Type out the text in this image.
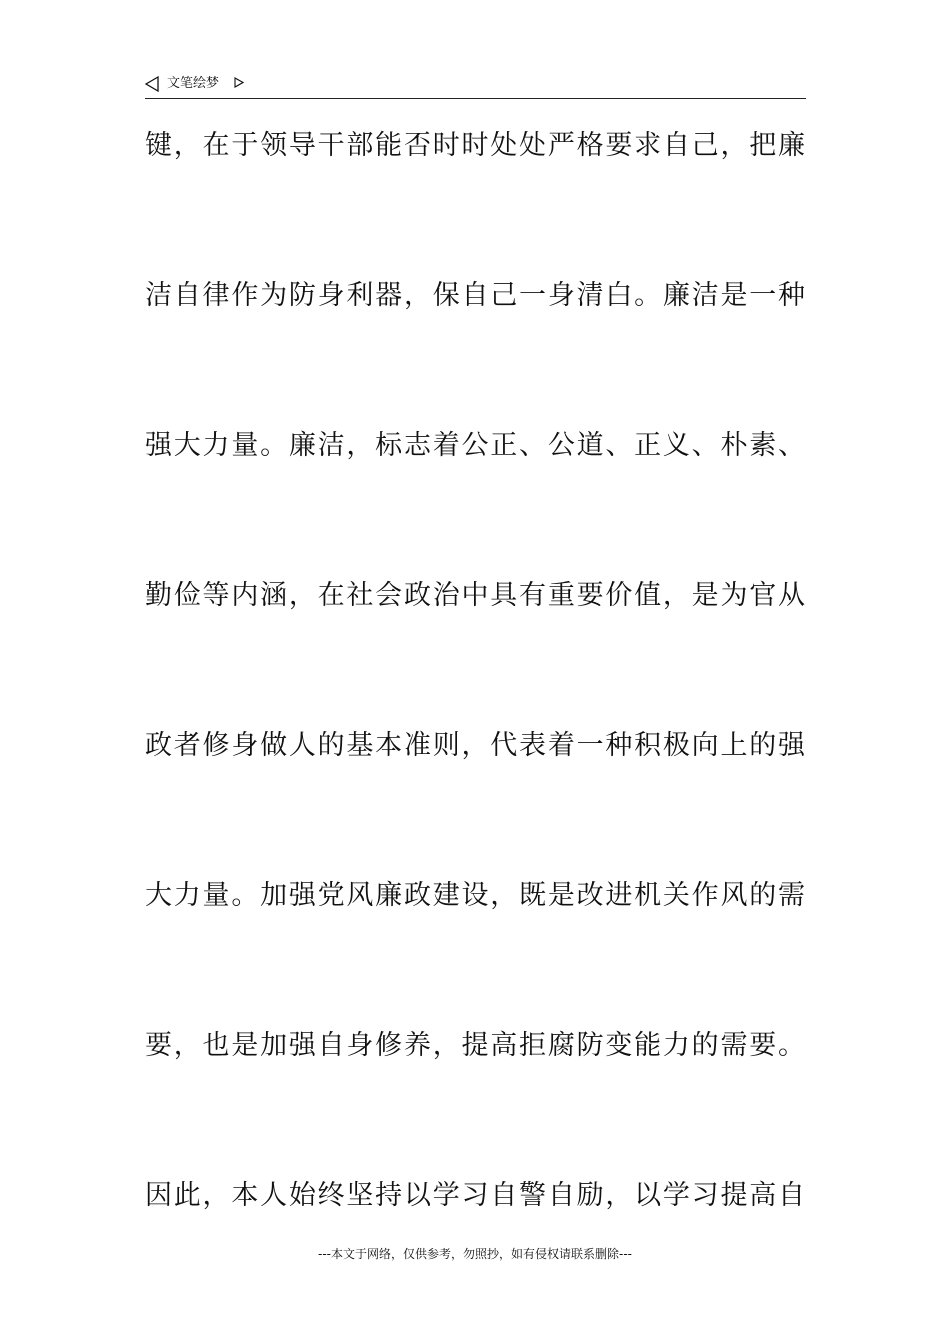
文笔绘梦
键，在于领导干部能否时时处处严格要求自己，把廉
洁自律作为防身利器，保自己一身清白。廉洁是一种
强大力量。廉洁，标志着公正、公道、正义、朴素、
勤俭等内涵，在社会政治中具有重要价值，是为官从
政者修身做人的基本准则，代表着一种积极向上的强
大力量。加强党风廉政建设，既是改进机关作风的需
要，也是加强自身修养，提高拒腐防变能力的需要。
因此，本人始终坚持以学习自警自励，以学习提高自
---本文于网络，仅供参考，勿照抄，如有侵权请联系删除---
